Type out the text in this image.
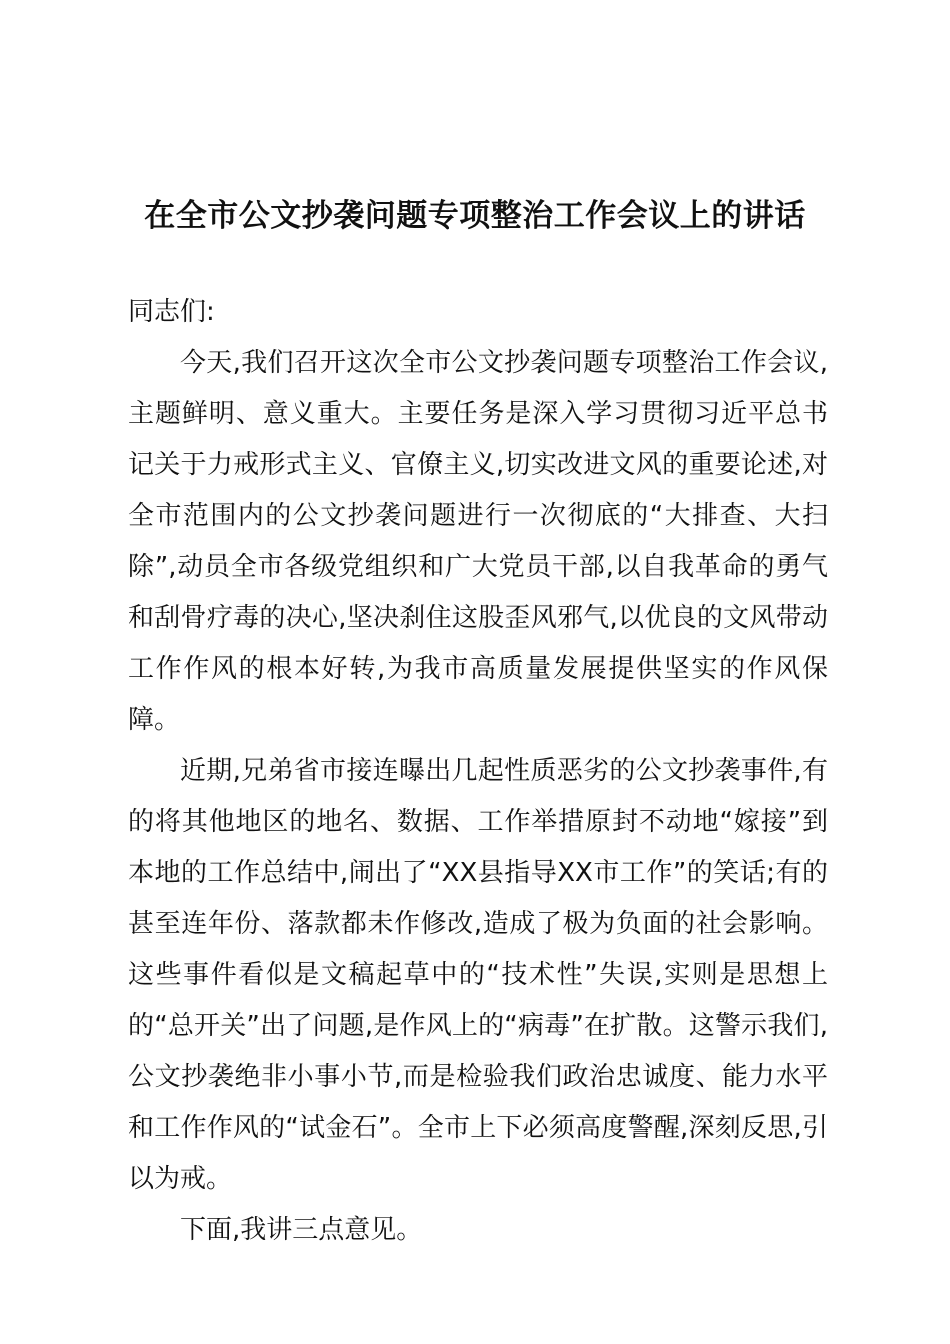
在全市公文抄袭问题专项整治工作会议上的讲话

同志们:

今天,我们召开这次全市公文抄袭问题专项整治工作会议,主题鲜明、意义重大。主要任务是深入学习贯彻习近平总书记关于力戒形式主义、官僚主义,切实改进文风的重要论述,对全市范围内的公文抄袭问题进行一次彻底的“大排查、大扫除”,动员全市各级党组织和广大党员干部,以自我革命的勇气和刮骨疗毒的决心,坚决刹住这股歪风邪气,以优良的文风带动工作作风的根本好转,为我市高质量发展提供坚实的作风保障。

近期,兄弟省市接连曝出几起性质恶劣的公文抄袭事件,有的将其他地区的地名、数据、工作举措原封不动地“嫁接”到本地的工作总结中,闹出了“XX县指导XX市工作”的笑话;有的甚至连年份、落款都未作修改,造成了极为负面的社会影响。这些事件看似是文稿起草中的“技术性”失误,实则是思想上的“总开关”出了问题,是作风上的“病毒”在扩散。这警示我们,公文抄袭绝非小事小节,而是检验我们政治忠诚度、能力水平和工作作风的“试金石”。全市上下必须高度警醒,深刻反思,引以为戒。

下面,我讲三点意见。
